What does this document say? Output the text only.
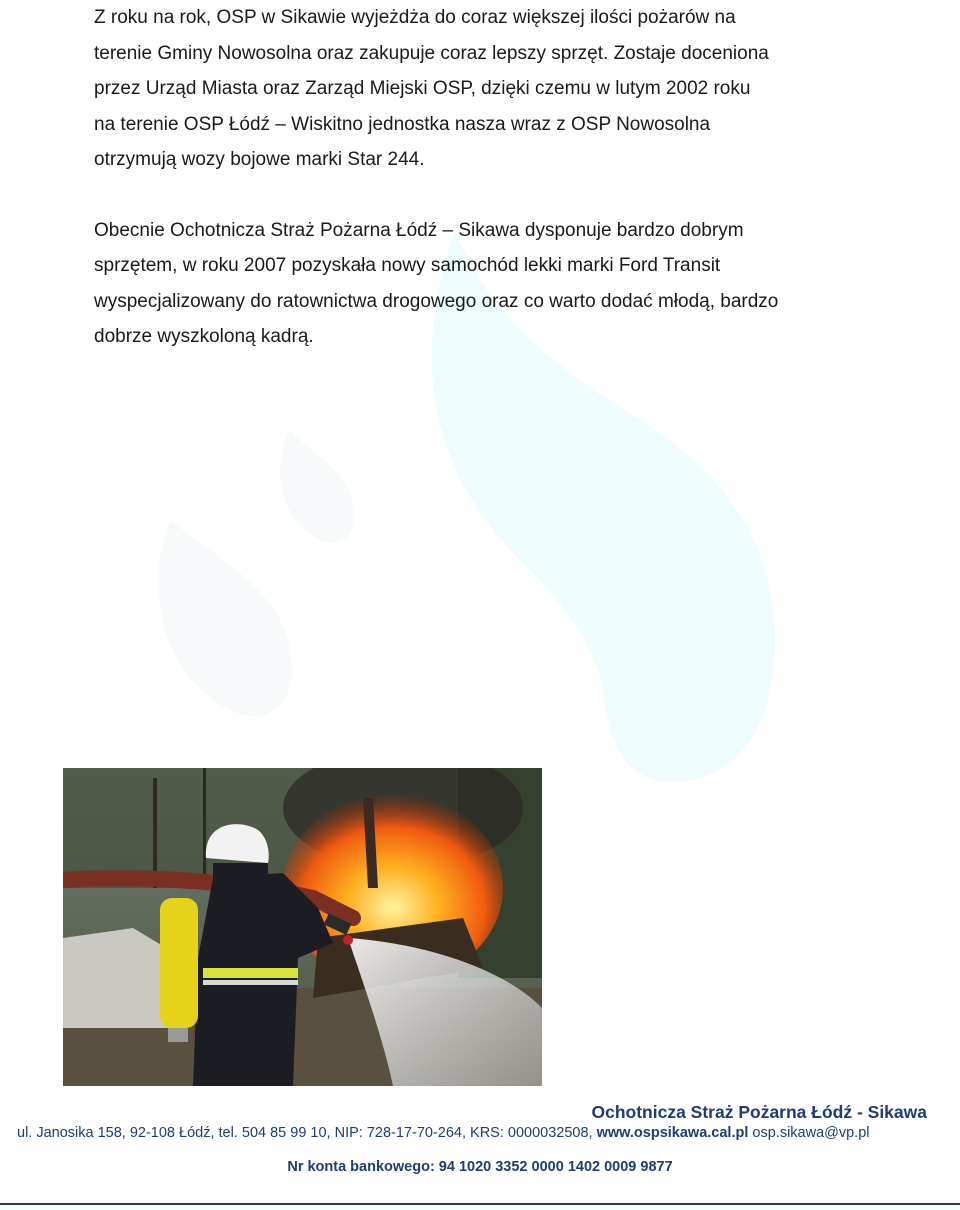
Z roku na rok, OSP w Sikawie wyjeżdża do coraz większej ilości pożarów na
terenie Gminy Nowosolna oraz zakupuje coraz lepszy sprzęt. Zostaje doceniona
przez Urząd Miasta oraz Zarząd Miejski OSP, dzięki czemu w lutym 2002 roku
na terenie OSP Łódź – Wiskitno jednostka nasza wraz z OSP Nowosolna
otrzymują wozy bojowe marki Star 244.

Obecnie Ochotnicza Straż Pożarna Łódź – Sikawa dysponuje bardzo dobrym
sprzętem, w roku 2007 pozyskała nowy samochód lekki marki Ford Transit
wyspecjalizowany do ratownictwa drogowego oraz co warto dodać młodą, bardzo
dobrze wyszkoloną kadrą.

Ochotnicza Straż Pożarna Łódź - Sikawa
ul. Janosika 158, 92-108 Łódź, tel. 504 85 99 10, NIP: 728-17-70-264, KRS: 0000032508, www.ospsikawa.cal.pl osp.sikawa@vp.pl
Nr konta bankowego: 94 1020 3352 0000 1402 0009 9877
